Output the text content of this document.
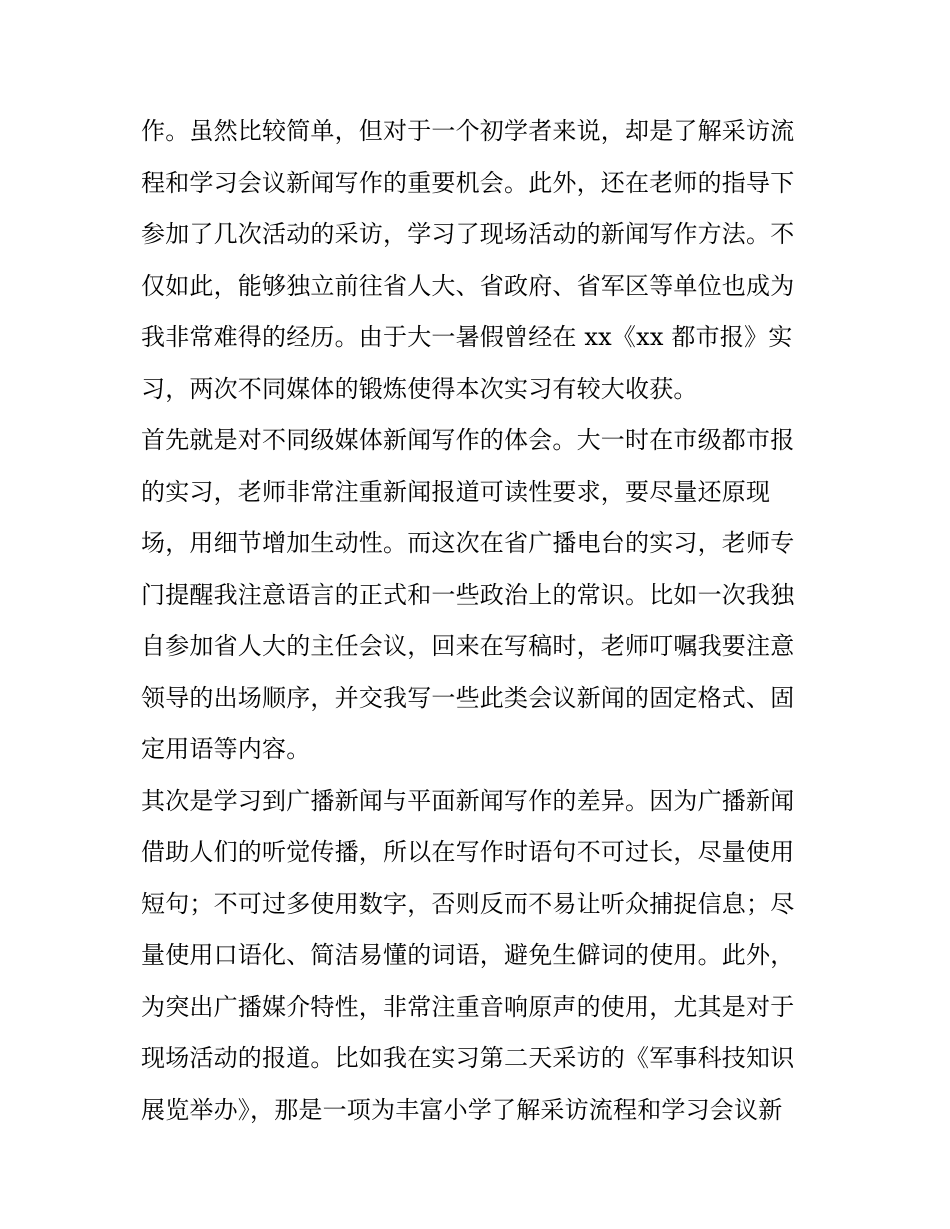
作。虽然比较简单，但对于一个初学者来说，却是了解采访流
程和学习会议新闻写作的重要机会。此外，还在老师的指导下
参加了几次活动的采访，学习了现场活动的新闻写作方法。不
仅如此，能够独立前往省人大、省政府、省军区等单位也成为
我非常难得的经历。由于大一暑假曾经在 xx《xx 都市报》实
习，两次不同媒体的锻炼使得本次实习有较大收获。
首先就是对不同级媒体新闻写作的体会。大一时在市级都市报
的实习，老师非常注重新闻报道可读性要求，要尽量还原现
场，用细节增加生动性。而这次在省广播电台的实习，老师专
门提醒我注意语言的正式和一些政治上的常识。比如一次我独
自参加省人大的主任会议，回来在写稿时，老师叮嘱我要注意
领导的出场顺序，并交我写一些此类会议新闻的固定格式、固
定用语等内容。
其次是学习到广播新闻与平面新闻写作的差异。因为广播新闻
借助人们的听觉传播，所以在写作时语句不可过长，尽量使用
短句；不可过多使用数字，否则反而不易让听众捕捉信息；尽
量使用口语化、简洁易懂的词语，避免生僻词的使用。此外，
为突出广播媒介特性，非常注重音响原声的使用，尤其是对于
现场活动的报道。比如我在实习第二天采访的《军事科技知识
展览举办》，那是一项为丰富小学了解采访流程和学习会议新
